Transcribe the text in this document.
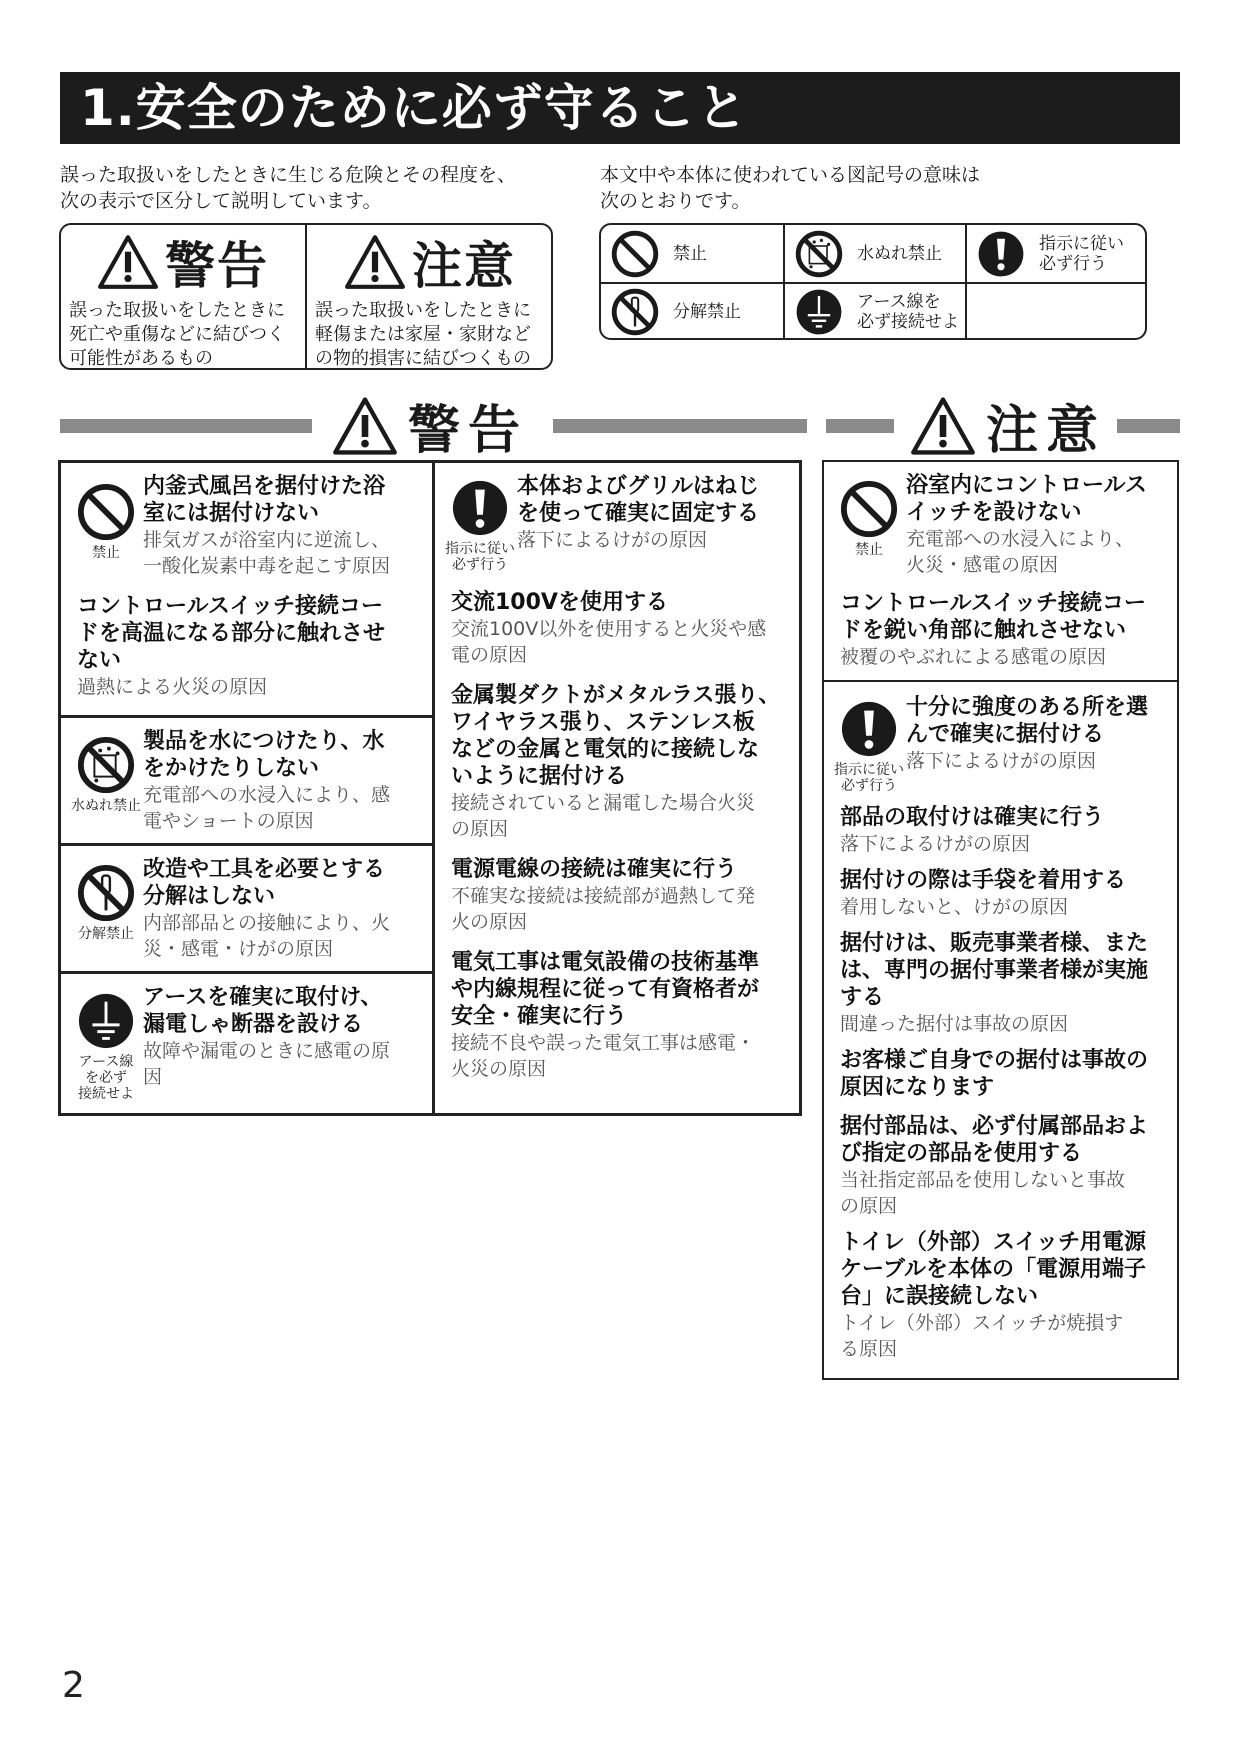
1.安全のために必ず守ること
誤った取扱いをしたときに生じる危険とその程度を、
次の表示で区分して説明しています。
本文中や本体に使われている図記号の意味は
次のとおりです。
警告
誤った取扱いをしたときに
死亡や重傷などに結びつく
可能性があるもの
注意
誤った取扱いをしたときに
軽傷または家屋・家財など
の物的損害に結びつくもの
禁止	水ぬれ禁止	指示に従い
必ず行う
分解禁止	アース線を
必ず接続せよ
警告	注意
禁止
内釜式風呂を据付けた浴
室には据付けない
排気ガスが浴室内に逆流し、
一酸化炭素中毒を起こす原因
コントロールスイッチ接続コー
ドを高温になる部分に触れさせ
ない
過熱による火災の原因
水ぬれ禁止
製品を水につけたり、水
をかけたりしない
充電部への水浸入により、感
電やショートの原因
分解禁止
改造や工具を必要とする
分解はしない
内部部品との接触により、火
災・感電・けがの原因
アース線
を必ず
接続せよ
アースを確実に取付け、
漏電しゃ断器を設ける
故障や漏電のときに感電の原
因
指示に従い
必ず行う
本体およびグリルはねじ
を使って確実に固定する
落下によるけがの原因
交流100Vを使用する
交流100V以外を使用すると火災や感
電の原因
金属製ダクトがメタルラス張り、
ワイヤラス張り、ステンレス板
などの金属と電気的に接続しな
いように据付ける
接続されていると漏電した場合火災
の原因
電源電線の接続は確実に行う
不確実な接続は接続部が過熱して発
火の原因
電気工事は電気設備の技術基準
や内線規程に従って有資格者が
安全・確実に行う
接続不良や誤った電気工事は感電・
火災の原因
禁止
浴室内にコントロールス
イッチを設けない
充電部への水浸入により、
火災・感電の原因
コントロールスイッチ接続コー
ドを鋭い角部に触れさせない
被覆のやぶれによる感電の原因
指示に従い
必ず行う
十分に強度のある所を選
んで確実に据付ける
落下によるけがの原因
部品の取付けは確実に行う
落下によるけがの原因
据付けの際は手袋を着用する
着用しないと、けがの原因
据付けは、販売事業者様、また
は、専門の据付事業者様が実施
する
間違った据付は事故の原因
お客様ご自身での据付は事故の
原因になります
据付部品は、必ず付属部品およ
び指定の部品を使用する
当社指定部品を使用しないと事故
の原因
トイレ（外部）スイッチ用電源
ケーブルを本体の「電源用端子
台」に誤接続しない
トイレ（外部）スイッチが焼損す
る原因
2
